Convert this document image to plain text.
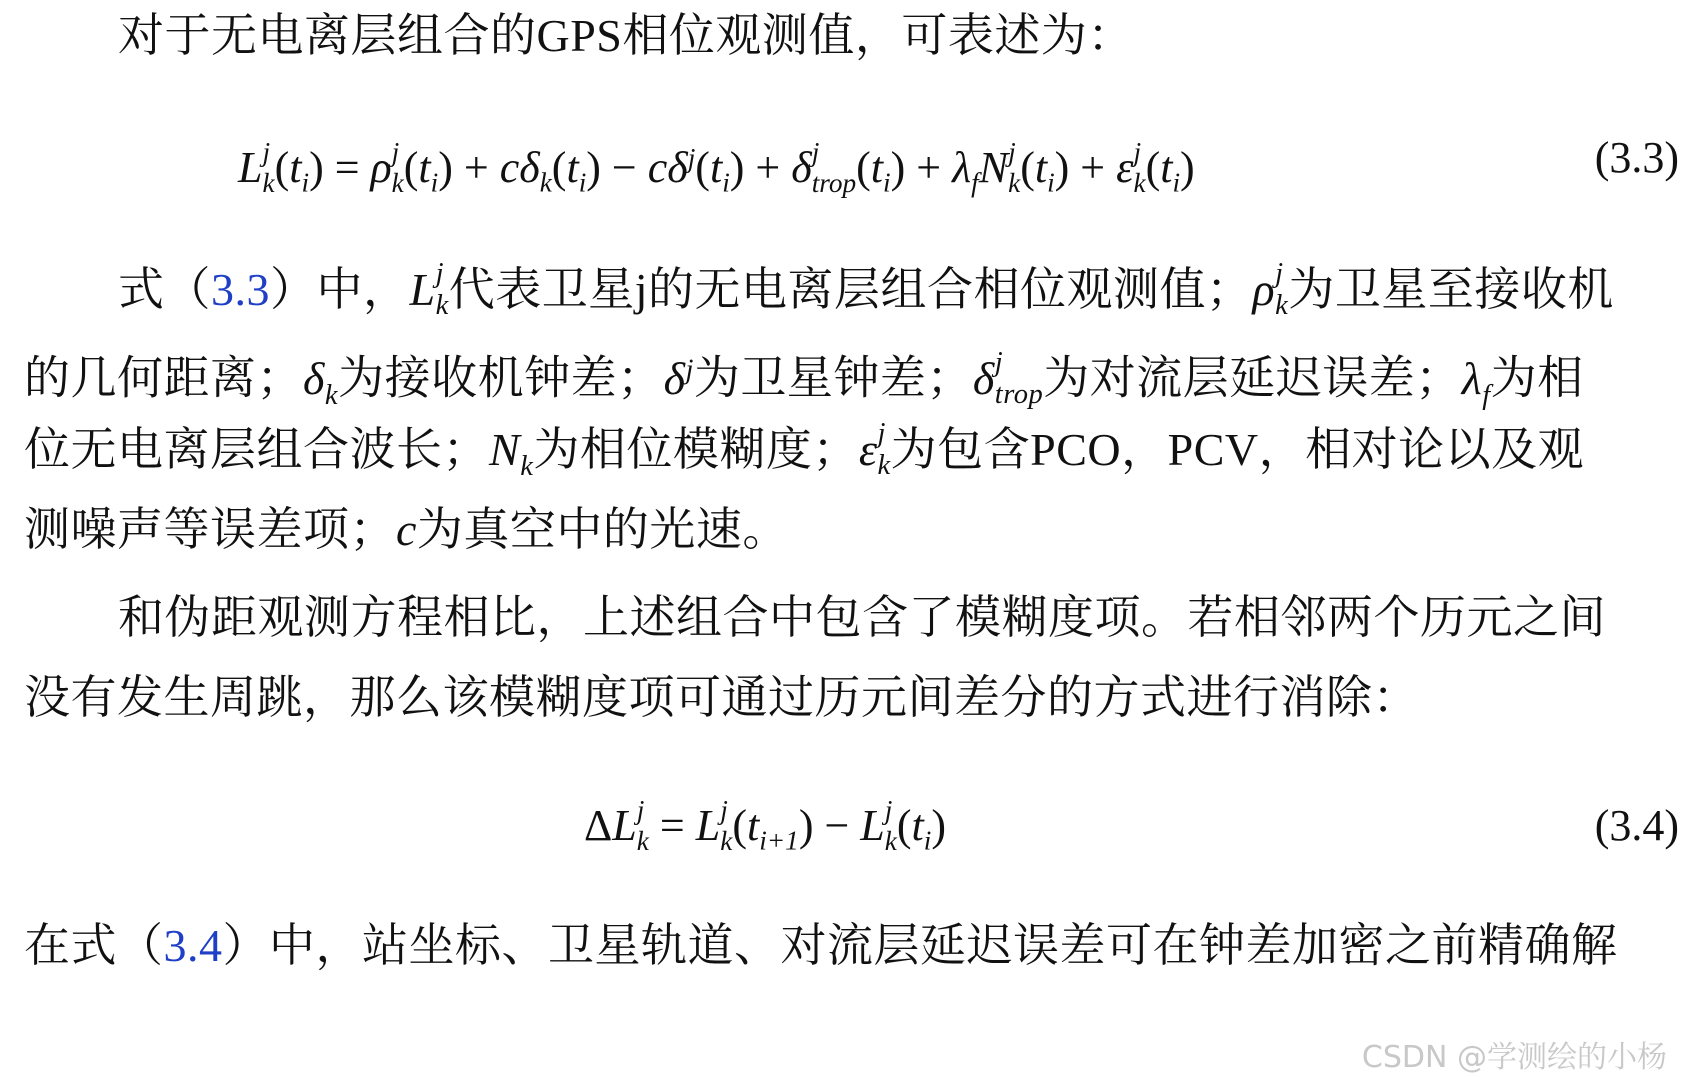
对于无电离层组合的GPS相位观测值，可表述为：
L j
k $(t_i) = \rho$ j
k $(t_i) + c\delta_k(t_i) - c\delta^j(t_i) + \delta$ j
trop $(t_i) + \lambda_fN$ j
k $(t_i) + \varepsilon$ j
k $(t_i)$	(3.3)
式（3.3）中，L j
k 代表卫星j的无电离层组合相位观测值；ρ j
k 为卫星至接收机
的几何距离；$\delta_k$为接收机钟差；$\delta^j$为卫星钟差；δ j
trop 为对流层延迟误差；$\lambda_f$为相
位无电离层组合波长；$N_k$为相位模糊度；ε j
k 为包含PCO，PCV，相对论以及观
测噪声等误差项；c为真空中的光速。
和伪距观测方程相比，上述组合中包含了模糊度项。若相邻两个历元之间
没有发生周跳，那么该模糊度项可通过历元间差分的方式进行消除：
ΔL j
k = L j
k $(t_{i+1}) - L$ j
k $(t_i)$	(3.4)
在式（3.4）中，站坐标、卫星轨道、对流层延迟误差可在钟差加密之前精确解
CSDN @学测绘的小杨
